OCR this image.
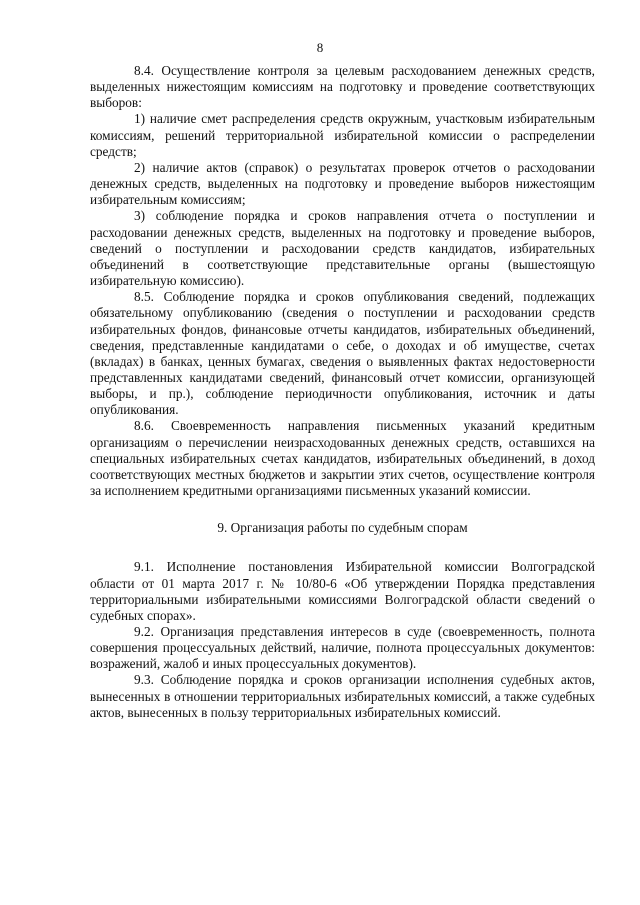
8

8.4. Осуществление контроля за целевым расходованием денежных средств, выделенных нижестоящим комиссиям на подготовку и проведение соответствующих выборов:

1) наличие смет распределения средств окружным, участковым избирательным комиссиям, решений территориальной избирательной комиссии о распределении средств;

2) наличие актов (справок) о результатах проверок отчетов о расходовании денежных средств, выделенных на подготовку и проведение выборов нижестоящим избирательным комиссиям;

3) соблюдение порядка и сроков направления отчета о поступлении и расходовании денежных средств, выделенных на подготовку и проведение выборов, сведений о поступлении и расходовании средств кандидатов, избирательных объединений в соответствующие представительные органы (вышестоящую избирательную комиссию).

8.5. Соблюдение порядка и сроков опубликования сведений, подлежащих обязательному опубликованию (сведения о поступлении и расходовании средств избирательных фондов, финансовые отчеты кандидатов, избирательных объединений, сведения, представленные кандидатами о себе, о доходах и об имуществе, счетах (вкладах) в банках, ценных бумагах, сведения о выявленных фактах недостоверности представленных кандидатами сведений, финансовый отчет комиссии, организующей выборы, и пр.), соблюдение периодичности опубликования, источник и даты опубликования.

8.6. Своевременность направления письменных указаний кредитным организациям о перечислении неизрасходованных денежных средств, оставшихся на специальных избирательных счетах кандидатов, избирательных объединений, в доход соответствующих местных бюджетов и закрытии этих счетов, осуществление контроля за исполнением кредитными организациями письменных указаний комиссии.

9. Организация работы по судебным спорам

9.1. Исполнение постановления Избирательной комиссии Волгоградской области от 01 марта 2017 г. № 10/80-6 «Об утверждении Порядка представления территориальными избирательными комиссиями Волгоградской области сведений о судебных спорах».

9.2. Организация представления интересов в суде (своевременность, полнота совершения процессуальных действий, наличие, полнота процессуальных документов: возражений, жалоб и иных процессуальных документов).

9.3. Соблюдение порядка и сроков организации исполнения судебных актов, вынесенных в отношении территориальных избирательных комиссий, а также судебных актов, вынесенных в пользу территориальных избирательных комиссий.
